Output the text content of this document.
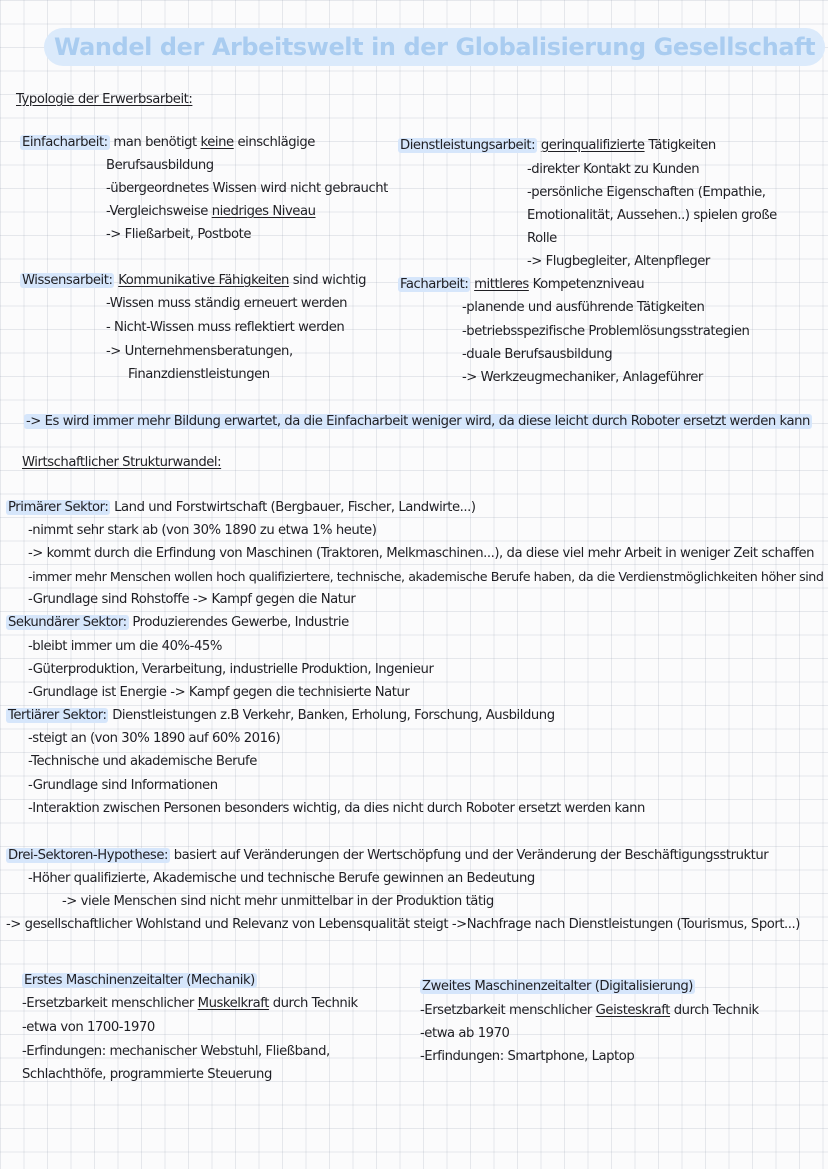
Wandel der Arbeitswelt in der Globalisierung Gesellschaft
Typologie der Erwerbsarbeit:
Einfacharbeit: man benötigt keine einschlägige
Berufsausbildung
-übergeordnetes Wissen wird nicht gebraucht
-Vergleichsweise niedriges Niveau
-> Fließarbeit, Postbote
Wissensarbeit: Kommunikative Fähigkeiten sind wichtig
-Wissen muss ständig erneuert werden
- Nicht-Wissen muss reflektiert werden
-> Unternehmensberatungen,
Finanzdienstleistungen
Dienstleistungsarbeit: gerinqualifizierte Tätigkeiten
-direkter Kontakt zu Kunden
-persönliche Eigenschaften (Empathie,
Emotionalität, Aussehen..) spielen große
Rolle
-> Flugbegleiter, Altenpfleger
Facharbeit: mittleres Kompetenzniveau
-planende und ausführende Tätigkeiten
-betriebsspezifische Problemlösungsstrategien
-duale Berufsausbildung
-> Werkzeugmechaniker, Anlageführer
-> Es wird immer mehr Bildung erwartet, da die Einfacharbeit weniger wird, da diese leicht durch Roboter ersetzt werden kann
Wirtschaftlicher Strukturwandel:
Primärer Sektor: Land und Forstwirtschaft (Bergbauer, Fischer, Landwirte...)
-nimmt sehr stark ab (von 30% 1890 zu etwa 1% heute)
-> kommt durch die Erfindung von Maschinen (Traktoren, Melkmaschinen...), da diese viel mehr Arbeit in weniger Zeit schaffen
-immer mehr Menschen wollen hoch qualifiziertere, technische, akademische Berufe haben, da die Verdienstmöglichkeiten höher sind
-Grundlage sind Rohstoffe -> Kampf gegen die Natur
Sekundärer Sektor: Produzierendes Gewerbe, Industrie
-bleibt immer um die 40%-45%
-Güterproduktion, Verarbeitung, industrielle Produktion, Ingenieur
-Grundlage ist Energie -> Kampf gegen die technisierte Natur
Tertiärer Sektor: Dienstleistungen z.B Verkehr, Banken, Erholung, Forschung, Ausbildung
-steigt an (von 30% 1890 auf 60% 2016)
-Technische und akademische Berufe
-Grundlage sind Informationen
-Interaktion zwischen Personen besonders wichtig, da dies nicht durch Roboter ersetzt werden kann
Drei-Sektoren-Hypothese: basiert auf Veränderungen der Wertschöpfung und der Veränderung der Beschäftigungsstruktur
-Höher qualifizierte, Akademische und technische Berufe gewinnen an Bedeutung
-> viele Menschen sind nicht mehr unmittelbar in der Produktion tätig
-> gesellschaftlicher Wohlstand und Relevanz von Lebensqualität steigt ->Nachfrage nach Dienstleistungen (Tourismus, Sport...)
Erstes Maschinenzeitalter (Mechanik)
-Ersetzbarkeit menschlicher Muskelkraft durch Technik
-etwa von 1700-1970
-Erfindungen: mechanischer Webstuhl, Fließband,
Schlachthöfe, programmierte Steuerung
Zweites Maschinenzeitalter (Digitalisierung)
-Ersetzbarkeit menschlicher Geisteskraft durch Technik
-etwa ab 1970
-Erfindungen: Smartphone, Laptop
